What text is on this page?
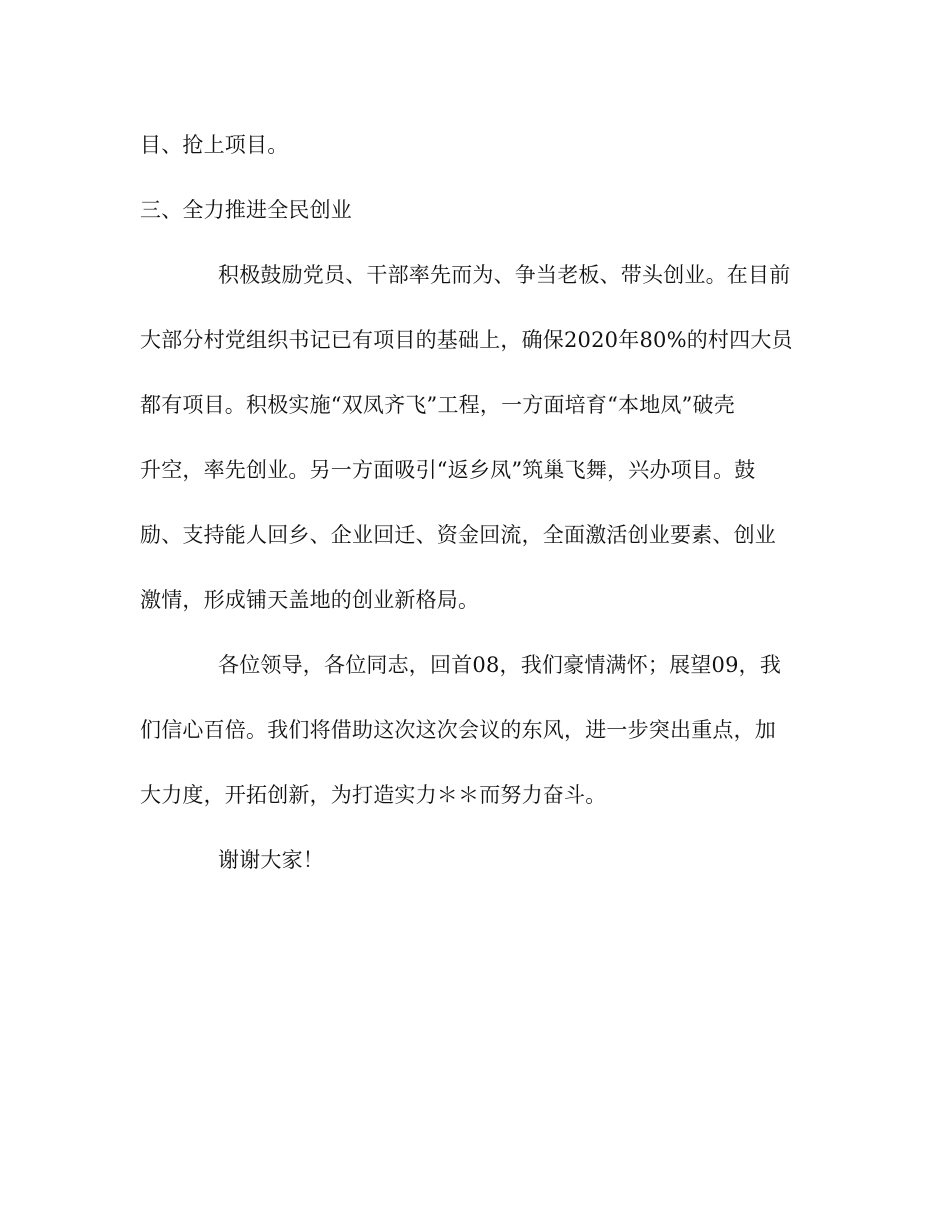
目、抢上项目。
三、全力推进全民创业
积极鼓励党员、干部率先而为、争当老板、带头创业。在目前
大部分村党组织书记已有项目的基础上，确保2020年80%的村四大员
都有项目。积极实施“双凤齐飞”工程，一方面培育“本地凤”破壳
升空，率先创业。另一方面吸引“返乡凤”筑巢飞舞，兴办项目。鼓
励、支持能人回乡、企业回迁、资金回流，全面激活创业要素、创业
激情，形成铺天盖地的创业新格局。
各位领导，各位同志，回首08，我们豪情满怀；展望09，我
们信心百倍。我们将借助这次这次会议的东风，进一步突出重点，加
大力度，开拓创新，为打造实力＊＊而努力奋斗。
谢谢大家！
